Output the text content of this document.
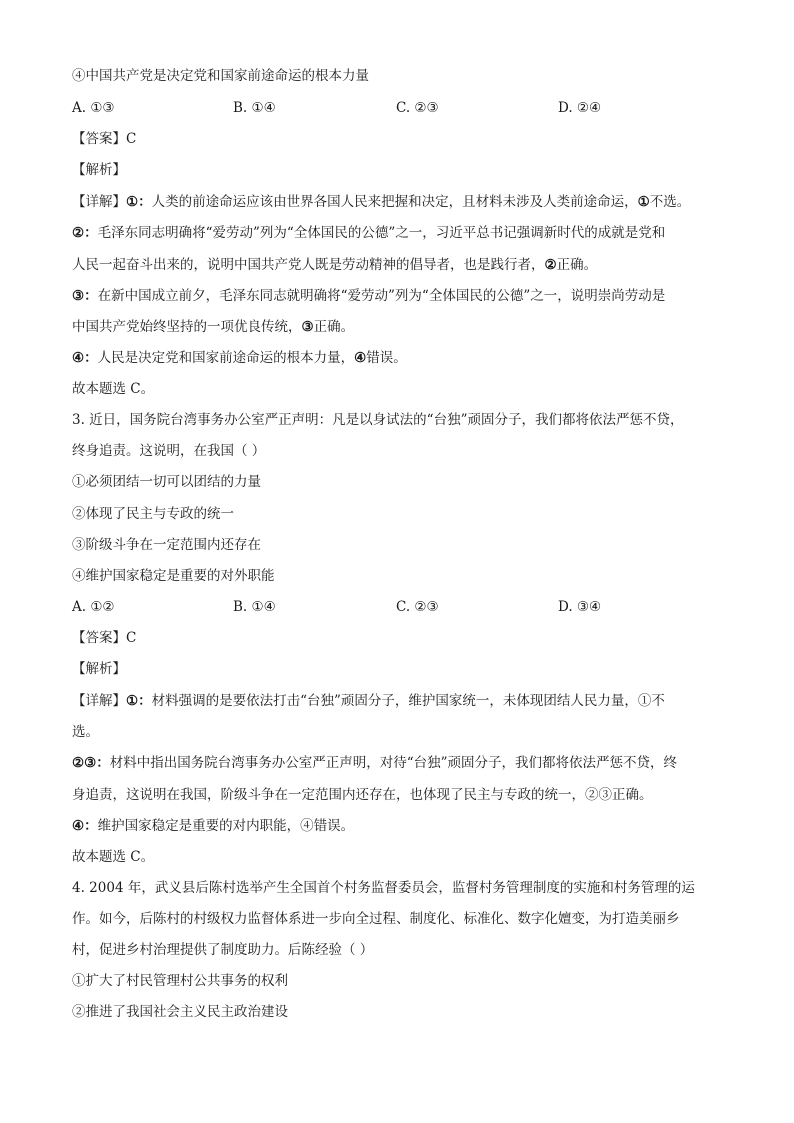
④中国共产党是决定党和国家前途命运的根本力量
A. ①③	B. ①④	C. ②③	D. ②④
【答案】C
【解析】
【详解】①：人类的前途命运应该由世界各国人民来把握和决定，且材料未涉及人类前途命运，①不选。
②：毛泽东同志明确将“爱劳动”列为“全体国民的公德”之一，习近平总书记强调新时代的成就是党和
人民一起奋斗出来的，说明中国共产党人既是劳动精神的倡导者，也是践行者，②正确。
③：在新中国成立前夕，毛泽东同志就明确将“爱劳动”列为“全体国民的公德”之一，说明崇尚劳动是
中国共产党始终坚持的一项优良传统，③正确。
④：人民是决定党和国家前途命运的根本力量，④错误。
故本题选 C。
3. 近日，国务院台湾事务办公室严正声明：凡是以身试法的“台独”顽固分子，我们都将依法严惩不贷，
终身追责。这说明，在我国（ ）
①必须团结一切可以团结的力量
②体现了民主与专政的统一
③阶级斗争在一定范围内还存在
④维护国家稳定是重要的对外职能
A. ①②	B. ①④	C. ②③	D. ③④
【答案】C
【解析】
【详解】①：材料强调的是要依法打击“台独”顽固分子，维护国家统一，未体现团结人民力量，①不
选。
②③：材料中指出国务院台湾事务办公室严正声明，对待“台独”顽固分子，我们都将依法严惩不贷，终
身追责，这说明在我国，阶级斗争在一定范围内还存在，也体现了民主与专政的统一，②③正确。
④：维护国家稳定是重要的对内职能，④错误。
故本题选 C。
4. 2004 年，武义县后陈村选举产生全国首个村务监督委员会，监督村务管理制度的实施和村务管理的运
作。如今，后陈村的村级权力监督体系进一步向全过程、制度化、标准化、数字化嬗变，为打造美丽乡
村，促进乡村治理提供了制度助力。后陈经验（ ）
①扩大了村民管理村公共事务的权利
②推进了我国社会主义民主政治建设
